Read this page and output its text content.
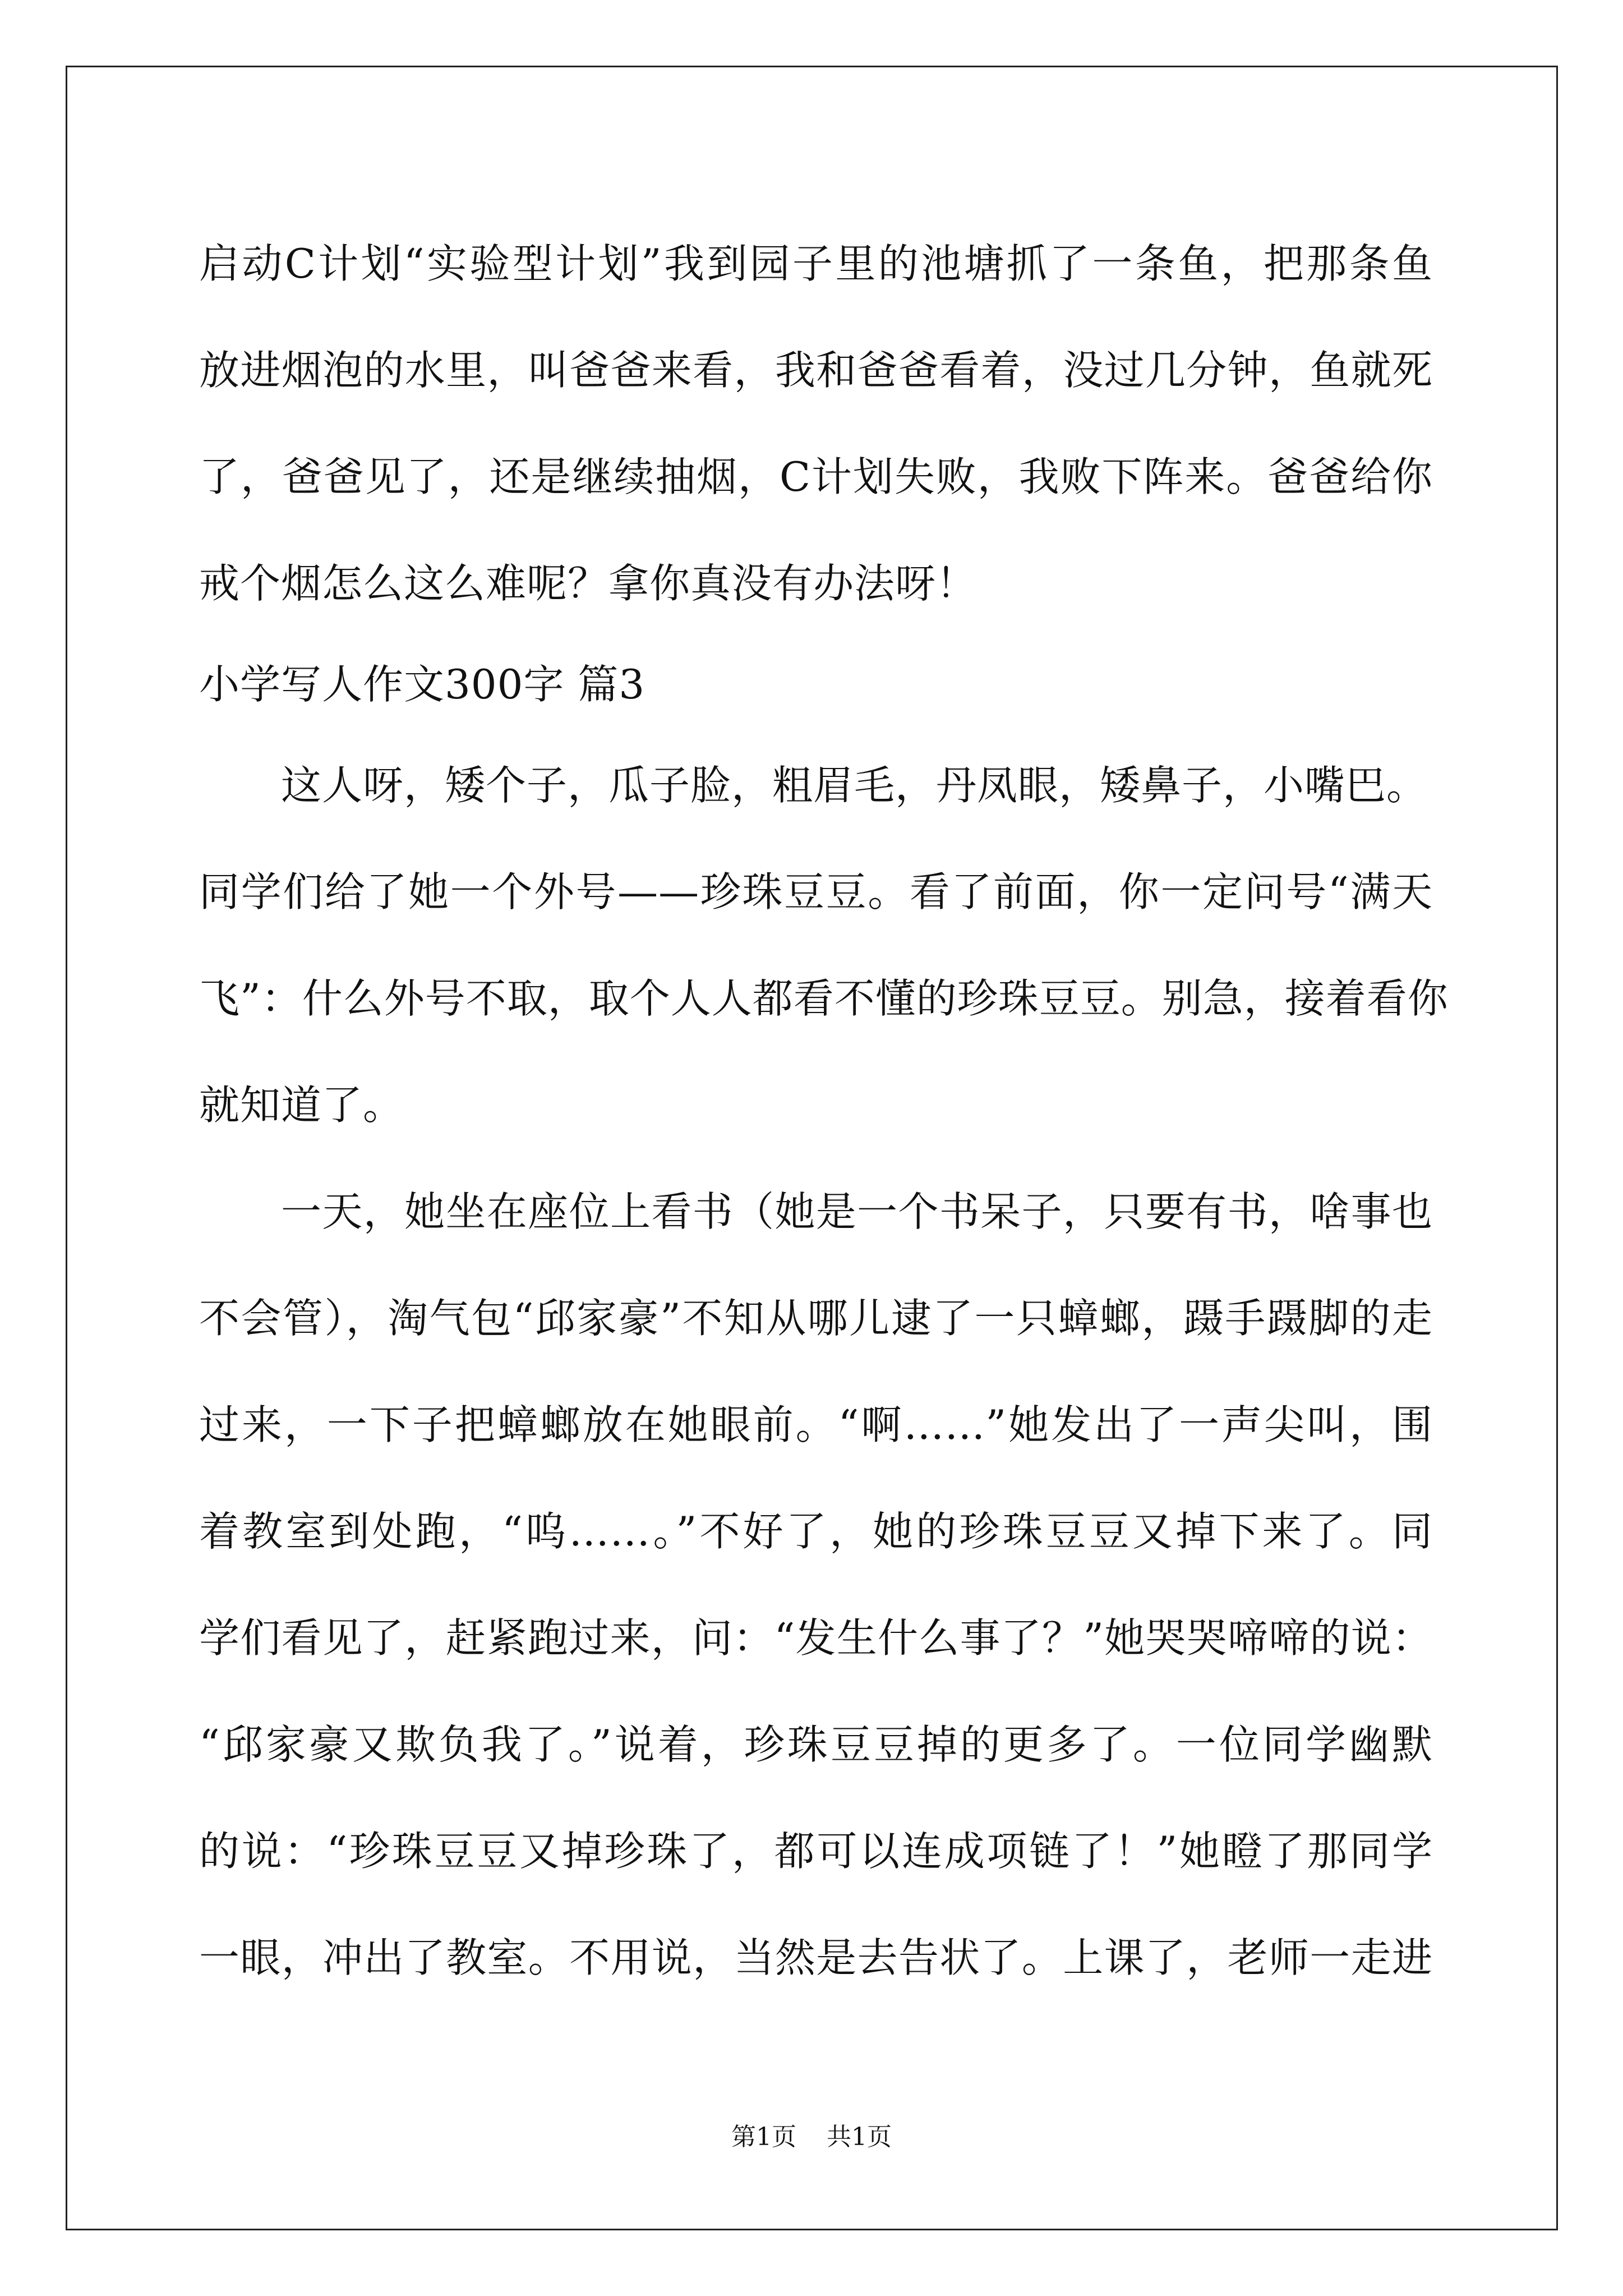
启动C计划“实验型计划”我到园子里的池塘抓了一条鱼，把那条鱼
放进烟泡的水里，叫爸爸来看，我和爸爸看着，没过几分钟，鱼就死
了，爸爸见了，还是继续抽烟，C计划失败，我败下阵来。爸爸给你
戒个烟怎么这么难呢？拿你真没有办法呀！
小学写人作文300字 篇3
这人呀，矮个子，瓜子脸，粗眉毛，丹凤眼，矮鼻子，小嘴巴。
同学们给了她一个外号——珍珠豆豆。看了前面，你一定问号“满天
飞”：什么外号不取，取个人人都看不懂的珍珠豆豆。别急，接着看你
就知道了。
一天，她坐在座位上看书（她是一个书呆子，只要有书，啥事也
不会管），淘气包“邱家豪”不知从哪儿逮了一只蟑螂，蹑手蹑脚的走
过来，一下子把蟑螂放在她眼前。“啊……”她发出了一声尖叫，围
着教室到处跑，“呜……。”不好了，她的珍珠豆豆又掉下来了。同
学们看见了，赶紧跑过来，问：“发生什么事了？”她哭哭啼啼的说：
“邱家豪又欺负我了。”说着，珍珠豆豆掉的更多了。一位同学幽默
的说：“珍珠豆豆又掉珍珠了，都可以连成项链了！”她瞪了那同学
一眼，冲出了教室。不用说，当然是去告状了。上课了，老师一走进
第1页 共1页
